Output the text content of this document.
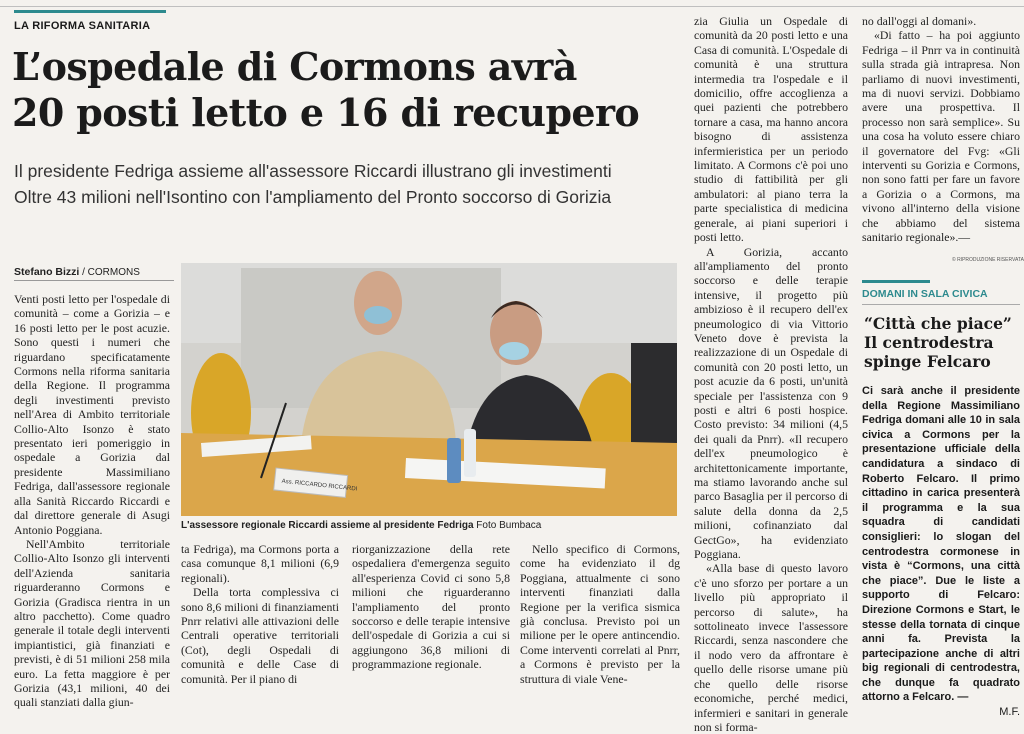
LA RIFORMA SANITARIA
L’ospedale di Cormons avrà
20 posti letto e 16 di recupero
Il presidente Fedriga assieme all'assessore Riccardi illustrano gli investimenti
Oltre 43 milioni nell'Isontino con l'ampliamento del Pronto soccorso di Gorizia
Stefano Bizzi / CORMONS

Venti posti letto per l'ospedale di comunità – come a Gorizia – e 16 posti letto per le post acuzie. Sono questi i numeri che riguardano specificatamente Cormons nella riforma sanitaria della Regione. Il programma degli investimenti previsto nell'Area di Ambito territoriale Collio-Alto Isonzo è stato presentato ieri pomeriggio in ospedale a Gorizia dal presidente Massimiliano Fedriga, dall'assessore regionale alla Sanità Riccardo Riccardi e dal direttore generale di Asugi Antonio Poggiana.

Nell'Ambito territoriale Collio-Alto Isonzo gli interventi dell'Azienda sanitaria riguarderanno Cormons e Gorizia (Gradisca rientra in un altro pacchetto). Come quadro generale il totale degli interventi impiantistici, già finanziati e previsti, è di 51 milioni 258 mila euro. La fetta maggiore è per Gorizia (43,1 milioni, 40 dei quali stanziati dalla giun-

Ass. RICCARDO RICCARDI
L'assessore regionale Riccardi assieme al presidente Fedriga Foto Bumbaca

ta Fedriga), ma Cormons porta a casa comunque 8,1 milioni (6,9 regionali).

Della torta complessiva ci sono 8,6 milioni di finanziamenti Pnrr relativi alle attivazioni delle Centrali operative territoriali (Cot), degli Ospedali di comunità e delle Case di comunità. Per il piano di

riorganizzazione della rete ospedaliera d'emergenza seguito all'esperienza Covid ci sono 5,8 milioni che riguarderanno l'ampliamento del pronto soccorso e delle terapie intensive dell'ospedale di Gorizia a cui si aggiungono 36,8 milioni di programmazione regionale.

Nello specifico di Cormons, come ha evidenziato il dg Poggiana, attualmente ci sono interventi finanziati dalla Regione per la verifica sismica già conclusa. Previsto poi un milione per le opere antincendio. Come interventi correlati al Pnrr, a Cormons è previsto per la struttura di viale Vene-

zia Giulia un Ospedale di comunità da 20 posti letto e una Casa di comunità. L'Ospedale di comunità è una struttura intermedia tra l'ospedale e il domicilio, offre accoglienza a quei pazienti che potrebbero tornare a casa, ma hanno ancora bisogno di assistenza infermieristica per un periodo limitato. A Cormons c'è poi uno studio di fattibilità per gli ambulatori: al piano terra la parte specialistica di medicina generale, ai piani superiori i posti letto.

A Gorizia, accanto all'ampliamento del pronto soccorso e delle terapie intensive, il progetto più ambizioso è il recupero dell'ex pneumologico di via Vittorio Veneto dove è prevista la realizzazione di un Ospedale di comunità con 20 posti letto, un post acuzie da 6 posti, un'unità speciale per l'assistenza con 9 posti e altri 6 posti hospice. Costo previsto: 34 milioni (4,5 dei quali da Pnrr). «Il recupero dell'ex pneumologico è architettonicamente importante, ma stiamo lavorando anche sul parco Basaglia per il percorso di salute della donna da 2,5 milioni, cofinanziato dal GectGo», ha evidenziato Poggiana.

«Alla base di questo lavoro c'è uno sforzo per portare a un livello più appropriato il percorso di salute», ha sottolineato invece l'assessore Riccardi, senza nascondere che il nodo vero da affrontare è quello delle risorse umane più che quello delle risorse economiche, perché medici, infermieri e sanitari in generale non si forma-

no dall'oggi al domani».

«Di fatto – ha poi aggiunto Fedriga – il Pnrr va in continuità sulla strada già intrapresa. Non parliamo di nuovi investimenti, ma di nuovi servizi. Dobbiamo avere una prospettiva. Il processo non sarà semplice». Su una cosa ha voluto essere chiaro il governatore del Fvg: «Gli interventi su Gorizia e Cormons, non sono fatti per fare un favore a Gorizia o a Cormons, ma vivono all'interno della visione che abbiamo del sistema sanitario regionale».—

© RIPRODUZIONE RISERVATA
DOMANI IN SALA CIVICA
“Città che piace”
Il centrodestra
spinge Felcaro

Ci sarà anche il presidente della Regione Massimiliano Fedriga domani alle 10 in sala civica a Cormons per la presentazione ufficiale della candidatura a sindaco di Roberto Felcaro. Il primo cittadino in carica presenterà il programma e la sua squadra di candidati consiglieri: lo slogan del centrodestra cormonese in vista è “Cormons, una città che piace”. Due le liste a supporto di Felcaro: Direzione Cormons e Start, le stesse della tornata di cinque anni fa. Prevista la partecipazione anche di altri big regionali di centrodestra, che dunque fa quadrato attorno a Felcaro. —

M.F.
